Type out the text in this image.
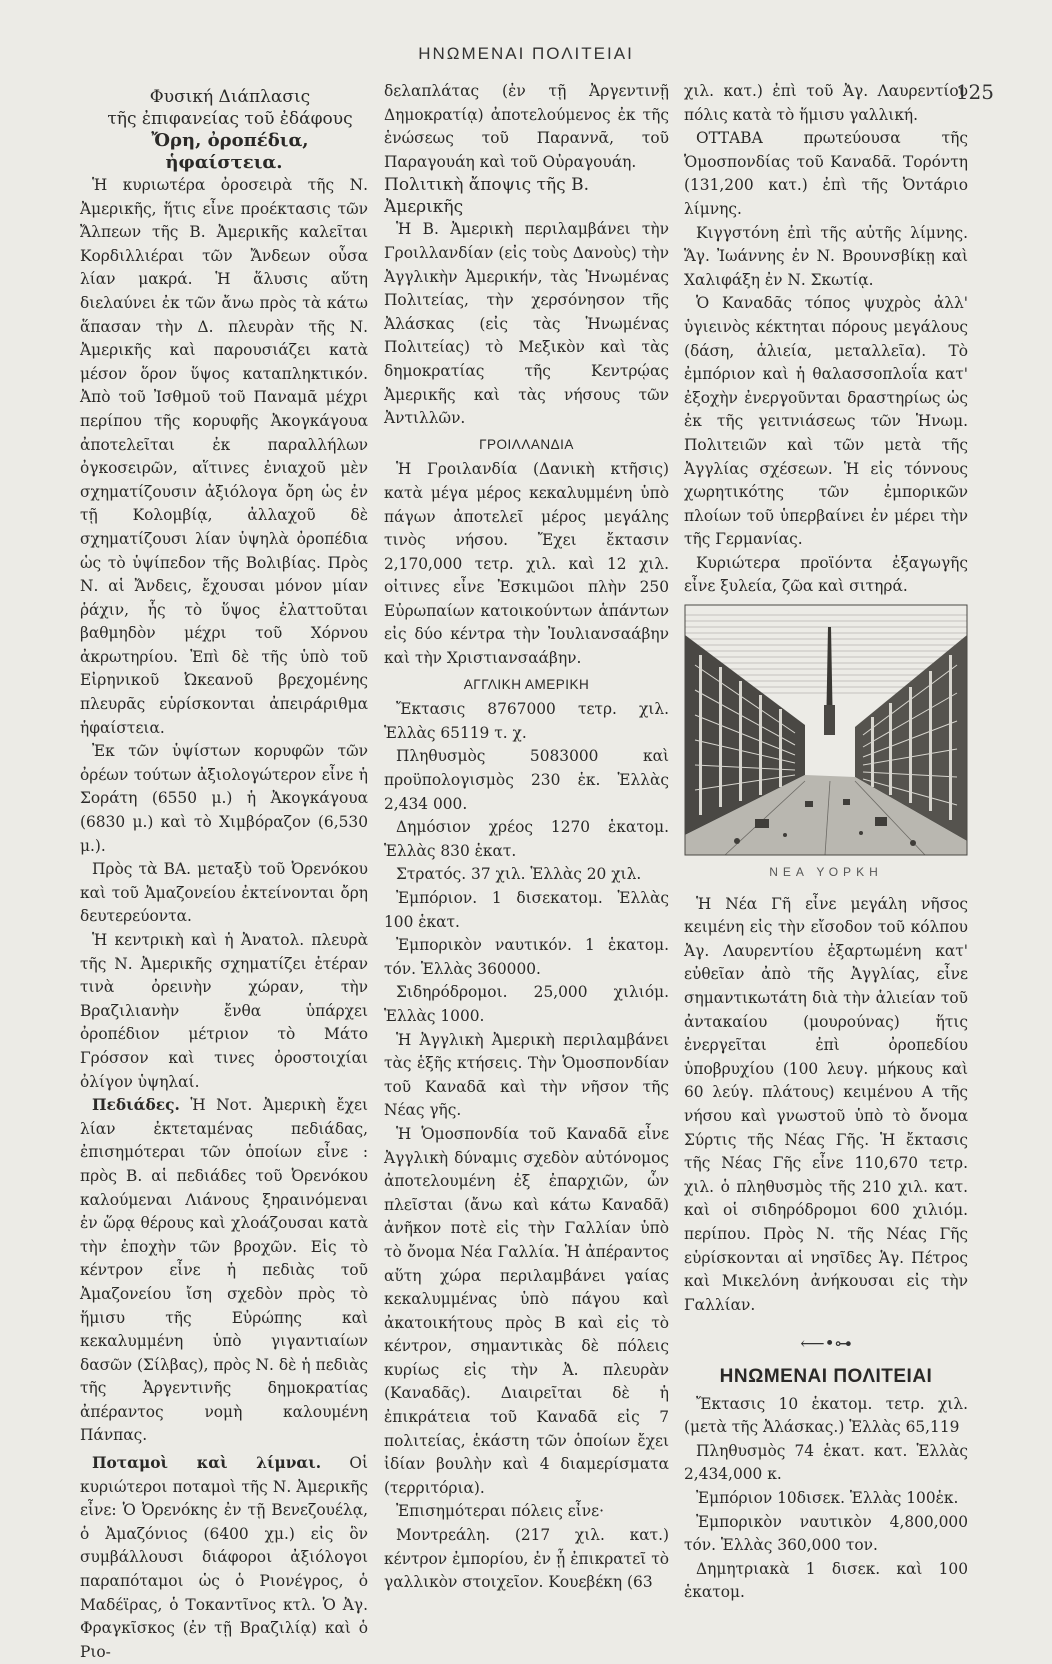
ΗΝΩΜΕΝΑΙ ΠΟΛΙΤΕΙΑΙ
125

Φυσική Διάπλασις

τῆς ἐπιφανείας τοῦ ἐδάφους

Ὄρη, ὀροπέδια, ἡφαίστεια.

Ἡ κυριωτέρα ὀροσειρὰ τῆς Ν. Ἀμερικῆς, ἥτις εἶνε προέκτασις τῶν Ἄλπεων τῆς Β. Ἀμερικῆς καλεῖται Κορδιλλιέραι τῶν Ἄνδεων οὖσα λίαν μακρά. Ἡ ἅλυσις αὕτη διελαύνει ἐκ τῶν ἄνω πρὸς τὰ κάτω ἅπασαν τὴν Δ. πλευρὰν τῆς Ν. Ἀμερικῆς καὶ παρουσιάζει κατὰ μέσον ὅρον ὕψος καταπληκτικόν. Ἀπὸ τοῦ Ἰσθμοῦ τοῦ Παναμᾶ μέχρι περίπου τῆς κορυφῆς Ἀκογκάγουα ἀποτελεῖται ἐκ παραλλήλων ὀγκοσειρῶν, αἵτινες ἐνιαχοῦ μὲν σχηματίζουσιν ἀξιόλογα ὄρη ὡς ἐν τῇ Κολομβίᾳ, ἀλλαχοῦ δὲ σχηματίζουσι λίαν ὑψηλὰ ὀροπέδια ὡς τὸ ὑψίπεδον τῆς Βολιβίας. Πρὸς Ν. αἱ Ἄνδεις, ἔχουσαι μόνον μίαν ῥάχιν, ἧς τὸ ὕψος ἐλαττοῦται βαθμηδὸν μέχρι τοῦ Χόρνου ἀκρωτηρίου. Ἐπὶ δὲ τῆς ὑπὸ τοῦ Εἰρηνικοῦ Ὠκεανοῦ βρεχομένης πλευρᾶς εὑρίσκονται ἀπειράριθμα ἡφαίστεια.

Ἐκ τῶν ὑψίστων κορυφῶν τῶν ὀρέων τούτων ἀξιολογώτερον εἶνε ἡ Σοράτη (6550 μ.) ἡ Ἀκογκάγουα (6830 μ.) καὶ τὸ Χιμβόραζον (6,530 μ.).

Πρὸς τὰ ΒΑ. μεταξὺ τοῦ Ὀρενόκου καὶ τοῦ Ἀμαζονείου ἐκτείνονται ὄρη δευτερεύοντα.

Ἡ κεντρικὴ καὶ ἡ Ἀνατολ. πλευρὰ τῆς Ν. Ἀμερικῆς σχηματίζει ἑτέραν τινὰ ὀρεινὴν χώραν, τὴν Βραζιλιανὴν ἔνθα ὑπάρχει ὀροπέδιον μέτριον τὸ Μάτο Γρόσσον καὶ τινες ὀροστοιχίαι ὀλίγον ὑψηλαί.

Πεδιάδες. Ἡ Νοτ. Ἀμερικὴ ἔχει λίαν ἐκτεταμένας πεδιάδας, ἐπισημότεραι τῶν ὁποίων εἶνε : πρὸς Β. αἱ πεδιάδες τοῦ Ὀρενόκου καλούμεναι Λιάνους ξηραινόμεναι ἐν ὥρᾳ θέρους καὶ χλοάζουσαι κατὰ τὴν ἐποχὴν τῶν βροχῶν. Εἰς τὸ κέντρον εἶνε ἡ πεδιὰς τοῦ Ἀμαζονείου ἴση σχεδὸν πρὸς τὸ ἥμισυ τῆς Εὐρώπης καὶ κεκαλυμμένη ὑπὸ γιγαντιαίων δασῶν (Σίλβας), πρὸς Ν. δὲ ἡ πεδιὰς τῆς Ἀργεντινῆς δημοκρατίας ἀπέραντος νομὴ καλουμένη Πάνπας.

Ποταμοὶ καὶ λίμναι. Οἱ κυριώτεροι ποταμοὶ τῆς Ν. Ἀμερικῆς εἶνε: Ὁ Ὀρενόκης ἐν τῇ Βενεζουέλᾳ, ὁ Ἀμαζόνιος (6400 χμ.) εἰς ὃν συμβάλλουσι διάφοροι ἀξιόλογοι παραπόταμοι ὡς ὁ Ριονέγρος, ὁ Μαδέϊρας, ὁ Τοκαντῖνος κτλ. Ὁ Ἀγ. Φραγκῖσκος (ἐν τῇ Βραζιλίᾳ) καὶ ὁ Ριο-

δελαπλάτας (ἐν τῇ Ἀργεντινῇ Δημοκρατίᾳ) ἀποτελούμενος ἐκ τῆς ἑνώσεως τοῦ Παραννᾶ, τοῦ Παραγουάη καὶ τοῦ Οὐραγουάη.

Πολιτικὴ ἄποψις τῆς Β. Ἀμερικῆς

Ἡ Β. Ἀμερικὴ περιλαμβάνει τὴν Γροιλλανδίαν (εἰς τοὺς Δανοὺς) τὴν Ἀγγλικὴν Ἀμερικήν, τὰς Ἡνωμένας Πολιτείας, τὴν χερσόνησον τῆς Ἀλάσκας (εἰς τὰς Ἡνωμένας Πολιτείας) τὸ Μεξικὸν καὶ τὰς δημοκρατίας τῆς Κεντρῴας Ἀμερικῆς καὶ τὰς νήσους τῶν Ἀντιλλῶν.

ΓΡΟΙΛΛΑΝΔΙΑ

Ἡ Γροιλανδία (Δανικὴ κτῆσις) κατὰ μέγα μέρος κεκαλυμμένη ὑπὸ πάγων ἀποτελεῖ μέρος μεγάλης τινὸς νήσου. Ἔχει ἔκτασιν 2,170,000 τετρ. χιλ. καὶ 12 χιλ. οἰτινες εἶνε Ἐσκιμῶοι πλὴν 250 Εὐρωπαίων κατοικούντων ἁπάντων εἰς δύο κέντρα τὴν Ἰουλιανσαάβην καὶ τὴν Χριστιανσαάβην.

ΑΓΓΛΙΚΗ ΑΜΕΡΙΚΗ

Ἔκτασις 8767000 τετρ. χιλ. Ἑλλὰς 65119 τ. χ.

Πληθυσμὸς 5083000 καὶ προϋπολογισμὸς 230 ἑκ. Ἑλλὰς 2,434 000.

Δημόσιον χρέος 1270 ἑκατομ. Ἑλλὰς 830 ἑκατ.

Στρατός. 37 χιλ. Ἑλλὰς 20 χιλ.

Ἐμπόριον. 1 δισεκατομ. Ἑλλὰς 100 ἑκατ.

Ἐμπορικὸν ναυτικόν. 1 ἑκατομ. τόν. Ἑλλὰς 360000.

Σιδηρόδρομοι. 25,000 χιλιόμ. Ἑλλὰς 1000.

Ἡ Ἀγγλικὴ Ἀμερικὴ περιλαμβάνει τὰς ἑξῆς κτήσεις. Τὴν Ὁμοσπονδίαν τοῦ Καναδᾶ καὶ τὴν νῆσον τῆς Νέας γῆς.

Ἡ Ὁμοσπονδία τοῦ Καναδᾶ εἶνε Ἀγγλικὴ δύναμις σχεδὸν αὐτόνομος ἀποτελουμένη ἐξ ἐπαρχιῶν, ὧν πλεῖσται (ἄνω καὶ κάτω Καναδᾶ) ἀνῆκον ποτὲ εἰς τὴν Γαλλίαν ὑπὸ τὸ ὄνομα Νέα Γαλλία. Ἡ ἀπέραντος αὕτη χώρα περιλαμβάνει γαίας κεκαλυμμένας ὑπὸ πάγου καὶ ἀκατοικήτους πρὸς Β καὶ εἰς τὸ κέντρον, σημαντικὰς δὲ πόλεις κυρίως εἰς τὴν Ἀ. πλευρὰν (Καναδᾶς). Διαιρεῖται δὲ ἡ ἐπικράτεια τοῦ Καναδᾶ εἰς 7 πολιτείας, ἑκάστη τῶν ὁποίων ἔχει ἰδίαν βουλὴν καὶ 4 διαμερίσματα (τερριτόρια).

Ἐπισημότεραι πόλεις εἶνε·

Μοντρεάλη. (217 χιλ. κατ.) κέντρον ἐμπορίου, ἐν ᾗ ἐπικρατεῖ τὸ γαλλικὸν στοιχεῖον. Κουεβέκη (63

χιλ. κατ.) ἐπὶ τοῦ Ἀγ. Λαυρεντίου πόλις κατὰ τὸ ἥμισυ γαλλική.

ΟΤΤΑΒΑ πρωτεύουσα τῆς Ὁμοσπονδίας τοῦ Καναδᾶ. Τορόντη (131,200 κατ.) ἐπὶ τῆς Ὀντάριο λίμνης.

Κιγγστόνη ἐπὶ τῆς αὐτῆς λίμνης. Ἅγ. Ἰωάννης ἐν Ν. Βρουνσβίκῃ καὶ Χαλιφάξη ἐν Ν. Σκωτίᾳ.

Ὁ Καναδᾶς τόπος ψυχρὸς ἀλλ' ὑγιεινὸς κέκτηται πόρους μεγάλους (δάση, ἁλιεία, μεταλλεῖα). Τὸ ἐμπόριον καὶ ἡ θαλασσοπλοΐα κατ' ἐξοχὴν ἐνεργοῦνται δραστηρίως ὡς ἐκ τῆς γειτνιάσεως τῶν Ἡνωμ. Πολιτειῶν καὶ τῶν μετὰ τῆς Ἀγγλίας σχέσεων. Ἡ εἰς τόννους χωρητικότης τῶν ἐμπορικῶν πλοίων τοῦ ὑπερβαίνει ἐν μέρει τὴν τῆς Γερμανίας.

Κυριώτερα προϊόντα ἐξαγωγῆς εἶνε ξυλεία, ζῶα καὶ σιτηρά.

ΝΕΑ ΥΟΡΚΗ

Ἡ Νέα Γῆ εἶνε μεγάλη νῆσος κειμένη εἰς τὴν εἴσοδον τοῦ κόλπου Ἀγ. Λαυρεντίου ἐξαρτωμένη κατ' εὐθεῖαν ἀπὸ τῆς Ἀγγλίας, εἶνε σημαντικωτάτη διὰ τὴν ἁλιείαν τοῦ ἀντακαίου (μουρούνας) ἥτις ἐνεργεῖται ἐπὶ ὀροπεδίου ὑποβρυχίου (100 λευγ. μήκους καὶ 60 λεύγ. πλάτους) κειμένου Α τῆς νήσου καὶ γνωστοῦ ὑπὸ τὸ ὄνομα Σύρτις τῆς Νέας Γῆς. Ἡ ἔκτασις τῆς Νέας Γῆς εἶνε 110,670 τετρ. χιλ. ὁ πληθυσμὸς τῆς 210 χιλ. κατ. καὶ οἱ σιδηρόδρομοι 600 χιλιόμ. περίπου. Πρὸς Ν. τῆς Νέας Γῆς εὑρίσκονται αἱ νησῖδες Ἁγ. Πέτρος καὶ Μικελόνη ἀνήκουσαι εἰς τὴν Γαλλίαν.

⟵•⊶
ΗΝΩΜΕΝΑΙ ΠΟΛΙΤΕΙΑΙ

Ἔκτασις 10 ἑκατομ. τετρ. χιλ. (μετὰ τῆς Ἀλάσκας.) Ἑλλὰς 65,119

Πληθυσμὸς 74 ἑκατ. κατ. Ἑλλὰς 2,434,000 κ.

Ἐμπόριον 10δισεκ. Ἑλλὰς 100ἑκ.

Ἐμπορικὸν ναυτικὸν 4,800,000 τόν. Ἑλλὰς 360,000 τον.

Δημητριακὰ 1 δισεκ. καὶ 100 ἑκατομ.
